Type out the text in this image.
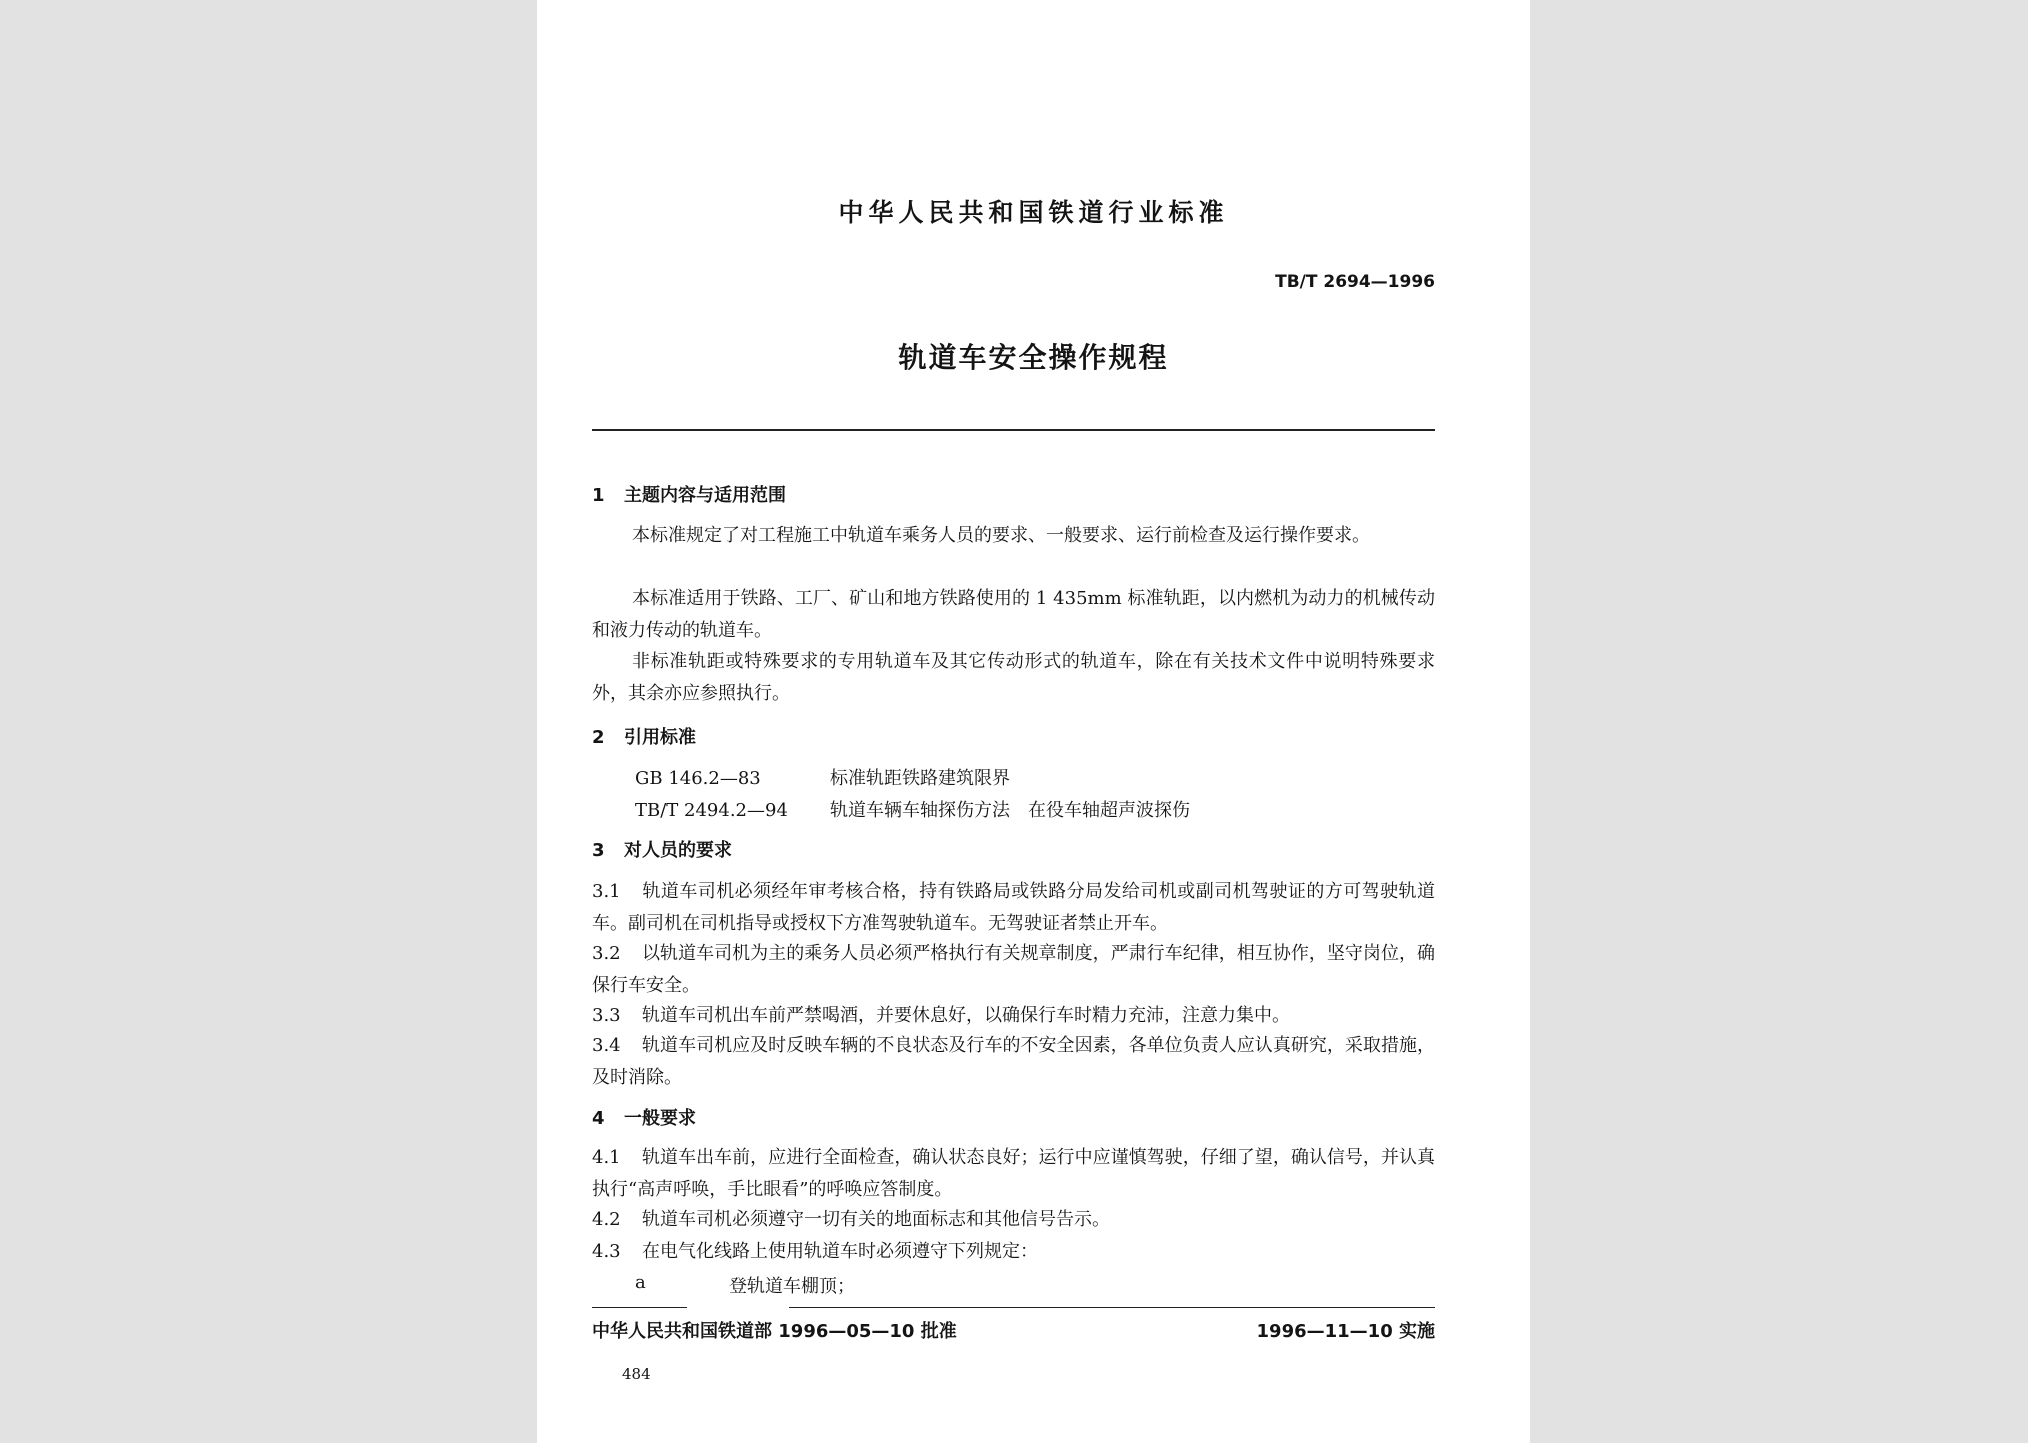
中华人民共和国铁道行业标准
TB/T 2694—1996
轨道车安全操作规程
1 主题内容与适用范围
本标准规定了对工程施工中轨道车乘务人员的要求、一般要求、运行前检查及运行操作要求。
本标准适用于铁路、工厂、矿山和地方铁路使用的 1 435mm 标准轨距，以内燃机为动力的机械传动和液力传动的轨道车。
非标准轨距或特殊要求的专用轨道车及其它传动形式的轨道车，除在有关技术文件中说明特殊要求外，其余亦应参照执行。
2 引用标准
GB 146.2—83	标准轨距铁路建筑限界
TB/T 2494.2—94 轨道车辆车轴探伤方法　在役车轴超声波探伤
3 对人员的要求
3.1 轨道车司机必须经年审考核合格，持有铁路局或铁路分局发给司机或副司机驾驶证的方可驾驶轨道车。副司机在司机指导或授权下方准驾驶轨道车。无驾驶证者禁止开车。
3.2 以轨道车司机为主的乘务人员必须严格执行有关规章制度，严肃行车纪律，相互协作，坚守岗位，确保行车安全。
3.3 轨道车司机出车前严禁喝酒，并要休息好，以确保行车时精力充沛，注意力集中。
3.4 轨道车司机应及时反映车辆的不良状态及行车的不安全因素，各单位负责人应认真研究，采取措施，及时消除。
4 一般要求
4.1 轨道车出车前，应进行全面检查，确认状态良好；运行中应谨慎驾驶，仔细了望，确认信号，并认真执行“高声呼唤，手比眼看”的呼唤应答制度。
4.2 轨道车司机必须遵守一切有关的地面标志和其他信号告示。
4.3 在电气化线路上使用轨道车时必须遵守下列规定：
a	登轨道车棚顶；
中华人民共和国铁道部 1996—05—10 批准	1996—11—10 实施
484
